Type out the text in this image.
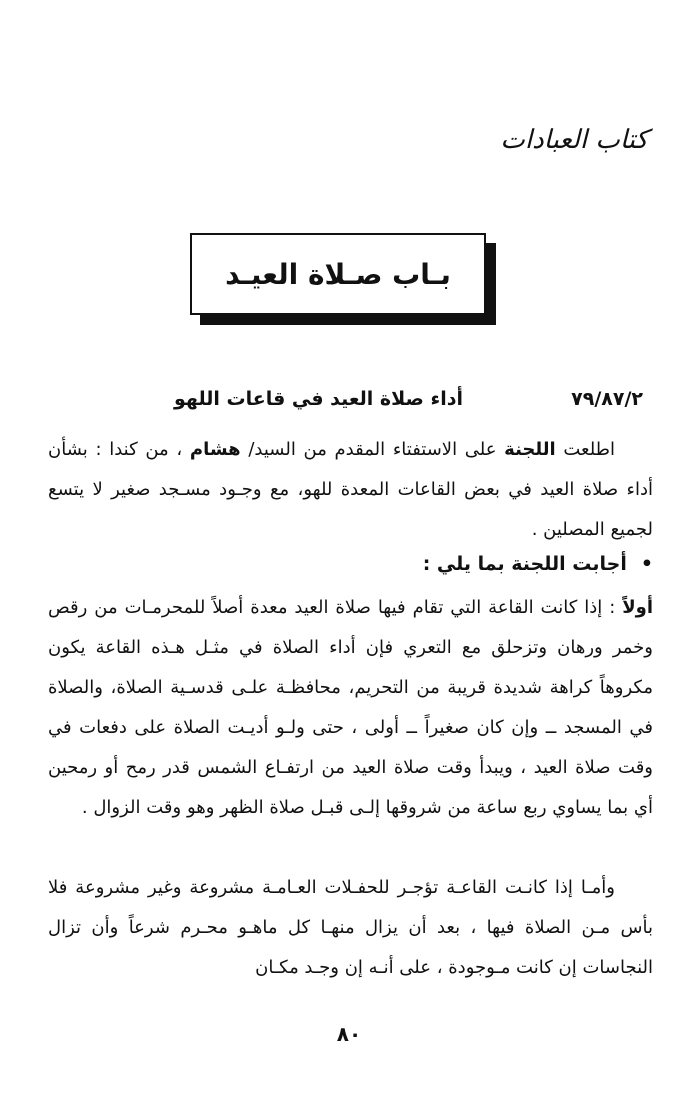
كتاب العبادات
بـاب صـلاة العيـد
٧٩/٨٧/٢
أداء صلاة العيد في قاعات اللهو
اطلعت اللجنة على الاستفتاء المقدم من السيد/ هشام ، من كندا : بشأن أداء صلاة العيد في بعض القاعات المعدة للهو، مع وجـود مسـجد صغير لا يتسع لجميع المصلين .
•أجابت اللجنة بما يلي :
أولاً : إذا كانت القاعة التي تقام فيها صلاة العيد معدة أصلاً للمحرمـات من رقص وخمر ورهان وتزحلق مع التعري فإن أداء الصلاة في مثـل هـذه القاعة يكون مكروهاً كراهة شديدة قريبة من التحريم، محافظـة علـى قدسـية الصلاة، والصلاة في المسجد ــ وإن كان صغيراً ــ أولى ، حتى ولـو أديـت الصلاة على دفعات في وقت صلاة العيد ، ويبدأ وقت صلاة العيد من ارتفـاع الشمس قدر رمح أو رمحين أي بما يساوي ربع ساعة من شروقها إلـى قبـل صلاة الظهر وهو وقت الزوال .
وأمـا إذا كانـت القاعـة تؤجـر للحفـلات العـامـة مشروعة وغير مشروعة فلا بأس مـن الصلاة فيها ، بعد أن يزال منهـا كل ماهـو محـرم شرعاً وأن تزال النجاسات إن كانت مـوجودة ، على أنـه إن وجـد مكـان
٨٠
